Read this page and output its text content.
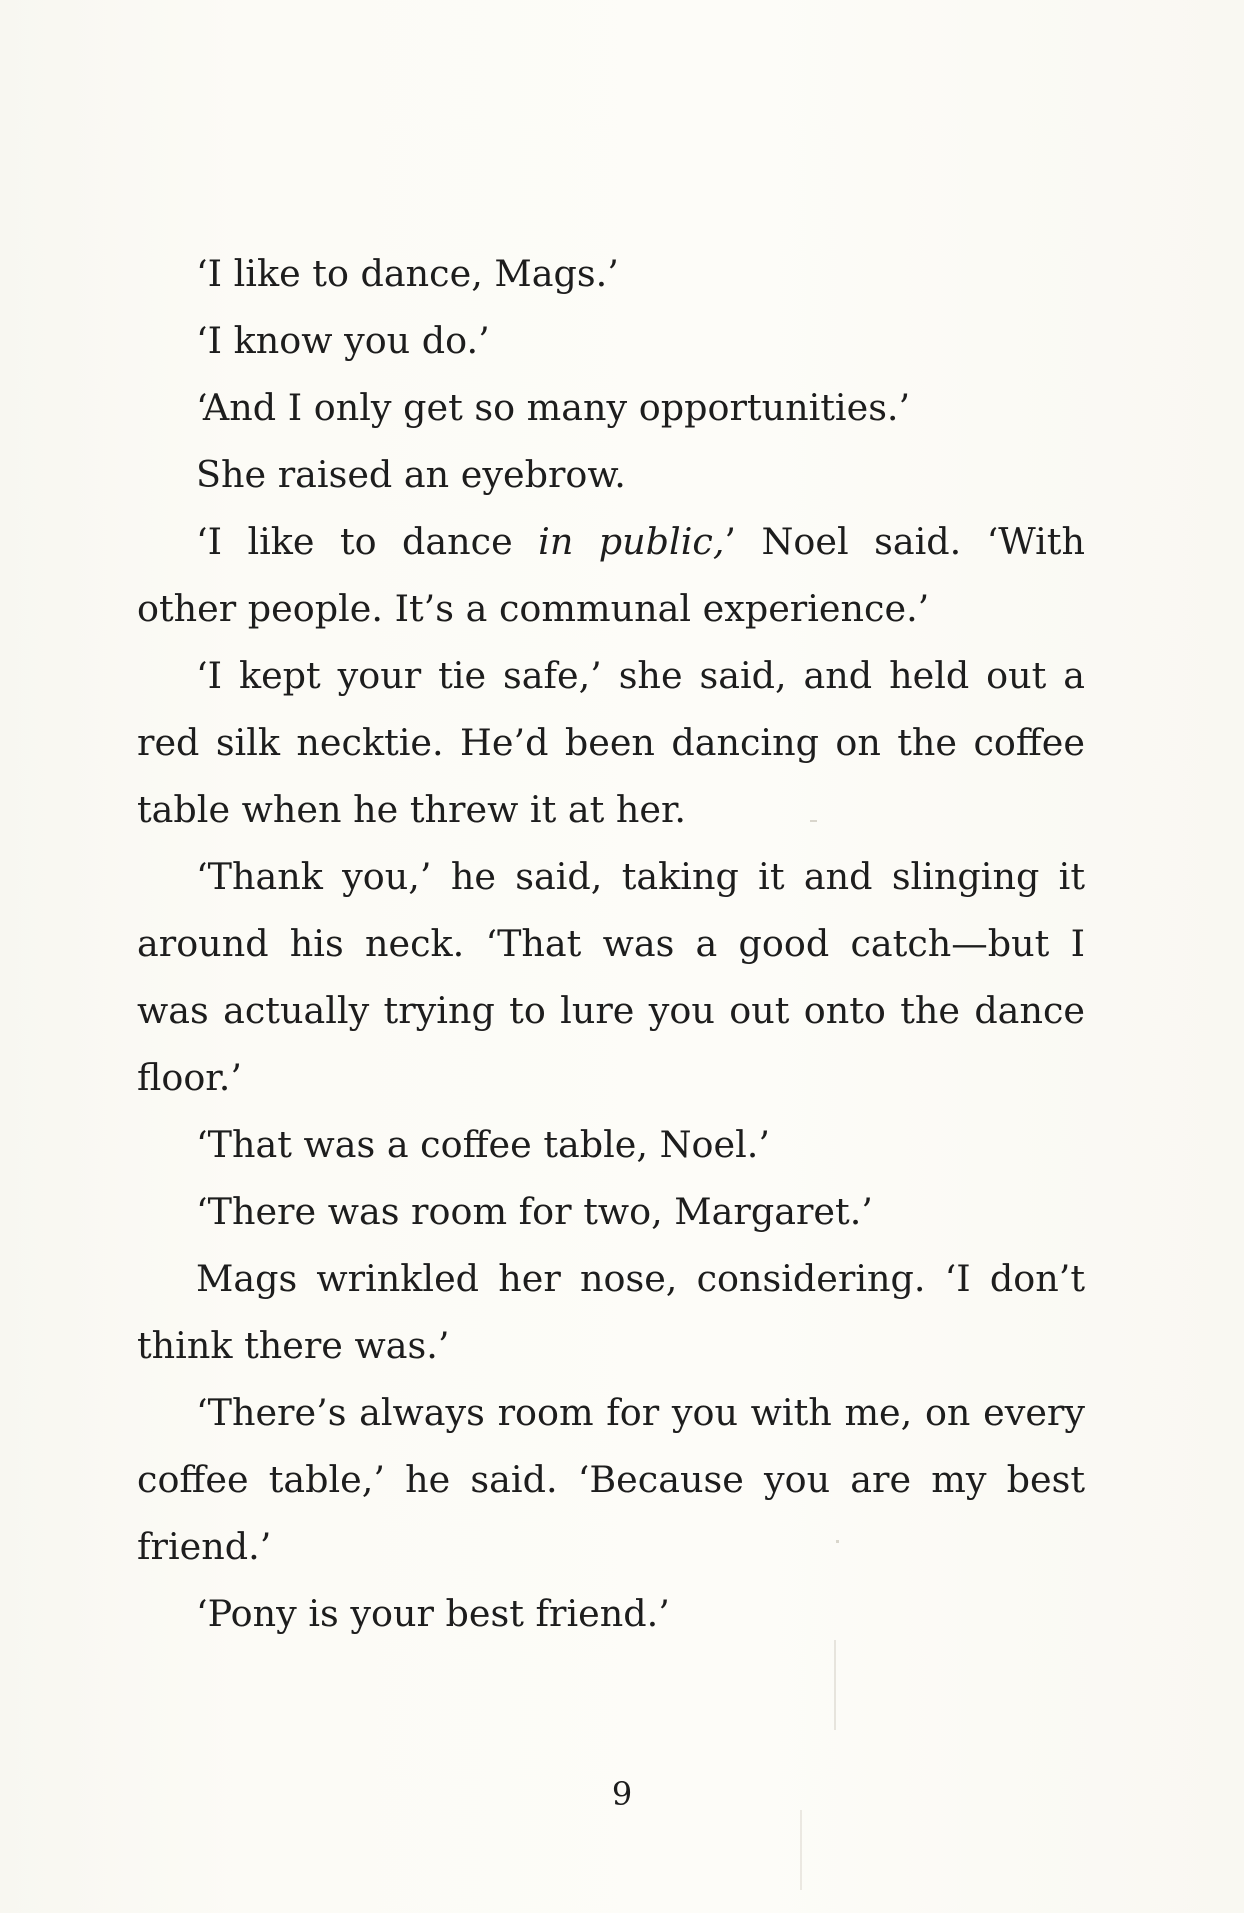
‘I like to dance, Mags.’

‘I know you do.’

‘And I only get so many opportunities.’

She raised an eyebrow.

‘I like to dance in public,’ Noel said. ‘With other people. It’s a communal experience.’

‘I kept your tie safe,’ she said, and held out a red silk necktie. He’d been dancing on the coffee table when he threw it at her.

‘Thank you,’ he said, taking it and slinging it around his neck. ‘That was a good catch—but I was actually trying to lure you out onto the dance floor.’

‘That was a coffee table, Noel.’

‘There was room for two, Margaret.’

Mags wrinkled her nose, considering. ‘I don’t think there was.’

‘There’s always room for you with me, on every coffee table,’ he said. ‘Because you are my best friend.’

‘Pony is your best friend.’

9
